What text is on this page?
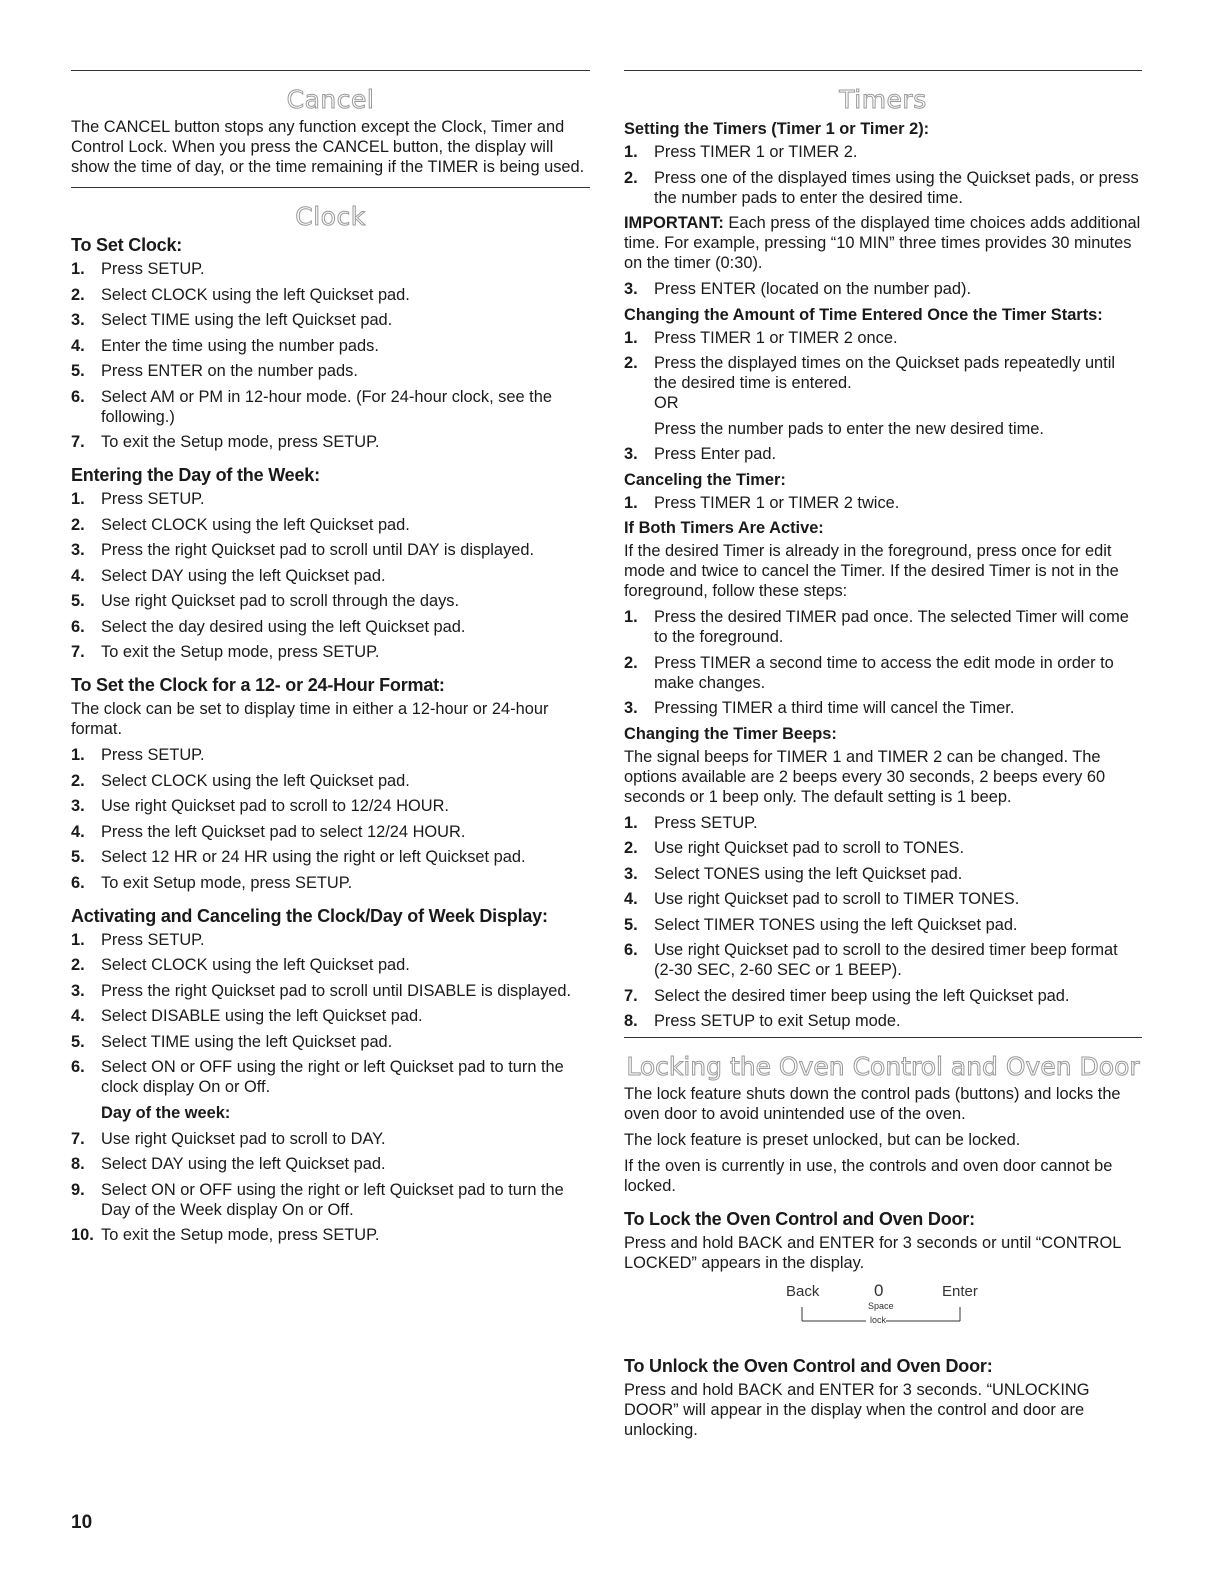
Cancel

The CANCEL button stops any function except the Clock, Timer and Control Lock. When you press the CANCEL button, the display will show the time of day, or the time remaining if the TIMER is being used.

Clock
To Set Clock:
1. Press SETUP.
2. Select CLOCK using the left Quickset pad.
3. Select TIME using the left Quickset pad.
4. Enter the time using the number pads.
5. Press ENTER on the number pads.
6. Select AM or PM in 12-hour mode. (For 24-hour clock, see the following.)
7. To exit the Setup mode, press SETUP.
Entering the Day of the Week:
1. Press SETUP.
2. Select CLOCK using the left Quickset pad.
3. Press the right Quickset pad to scroll until DAY is displayed.
4. Select DAY using the left Quickset pad.
5. Use right Quickset pad to scroll through the days.
6. Select the day desired using the left Quickset pad.
7. To exit the Setup mode, press SETUP.
To Set the Clock for a 12- or 24-Hour Format:

The clock can be set to display time in either a 12-hour or 24-hour format.

1. Press SETUP.
2. Select CLOCK using the left Quickset pad.
3. Use right Quickset pad to scroll to 12/24 HOUR.
4. Press the left Quickset pad to select 12/24 HOUR.
5. Select 12 HR or 24 HR using the right or left Quickset pad.
6. To exit Setup mode, press SETUP.
Activating and Canceling the Clock/Day of Week Display:
1. Press SETUP.
2. Select CLOCK using the left Quickset pad.
3. Press the right Quickset pad to scroll until DISABLE is displayed.
4. Select DISABLE using the left Quickset pad.
5. Select TIME using the left Quickset pad.
6. Select ON or OFF using the right or left Quickset pad to turn the clock display On or Off.
Day of the week:
7. Use right Quickset pad to scroll to DAY.
8. Select DAY using the left Quickset pad.
9. Select ON or OFF using the right or left Quickset pad to turn the Day of the Week display On or Off.
10. To exit the Setup mode, press SETUP.
Timers
Setting the Timers (Timer 1 or Timer 2):
1. Press TIMER 1 or TIMER 2.
2. Press one of the displayed times using the Quickset pads, or press the number pads to enter the desired time.

IMPORTANT: Each press of the displayed time choices adds additional time. For example, pressing “10 MIN” three times provides 30 minutes on the timer (0:30).

3. Press ENTER (located on the number pad).
Changing the Amount of Time Entered Once the Timer Starts:
1. Press TIMER 1 or TIMER 2 once.
2. Press the displayed times on the Quickset pads repeatedly until the desired time is entered.
OR
Press the number pads to enter the new desired time.
3. Press Enter pad.
Canceling the Timer:
1. Press TIMER 1 or TIMER 2 twice.
If Both Timers Are Active:

If the desired Timer is already in the foreground, press once for edit mode and twice to cancel the Timer. If the desired Timer is not in the foreground, follow these steps:

1. Press the desired TIMER pad once. The selected Timer will come to the foreground.
2. Press TIMER a second time to access the edit mode in order to make changes.
3. Pressing TIMER a third time will cancel the Timer.
Changing the Timer Beeps:

The signal beeps for TIMER 1 and TIMER 2 can be changed. The options available are 2 beeps every 30 seconds, 2 beeps every 60 seconds or 1 beep only. The default setting is 1 beep.

1. Press SETUP.
2. Use right Quickset pad to scroll to TONES.
3. Select TONES using the left Quickset pad.
4. Use right Quickset pad to scroll to TIMER TONES.
5. Select TIMER TONES using the left Quickset pad.
6. Use right Quickset pad to scroll to the desired timer beep format (2-30 SEC, 2-60 SEC or 1 BEEP).
7. Select the desired timer beep using the left Quickset pad.
8. Press SETUP to exit Setup mode.
Locking the Oven Control and Oven Door

The lock feature shuts down the control pads (buttons) and locks the oven door to avoid unintended use of the oven.

The lock feature is preset unlocked, but can be locked.

If the oven is currently in use, the controls and oven door cannot be locked.

To Lock the Oven Control and Oven Door:

Press and hold BACK and ENTER for 3 seconds or until “CONTROL LOCKED” appears in the display.

Back	0
Space
Enter
lock
To Unlock the Oven Control and Oven Door:

Press and hold BACK and ENTER for 3 seconds. “UNLOCKING DOOR” will appear in the display when the control and door are unlocking.

10
